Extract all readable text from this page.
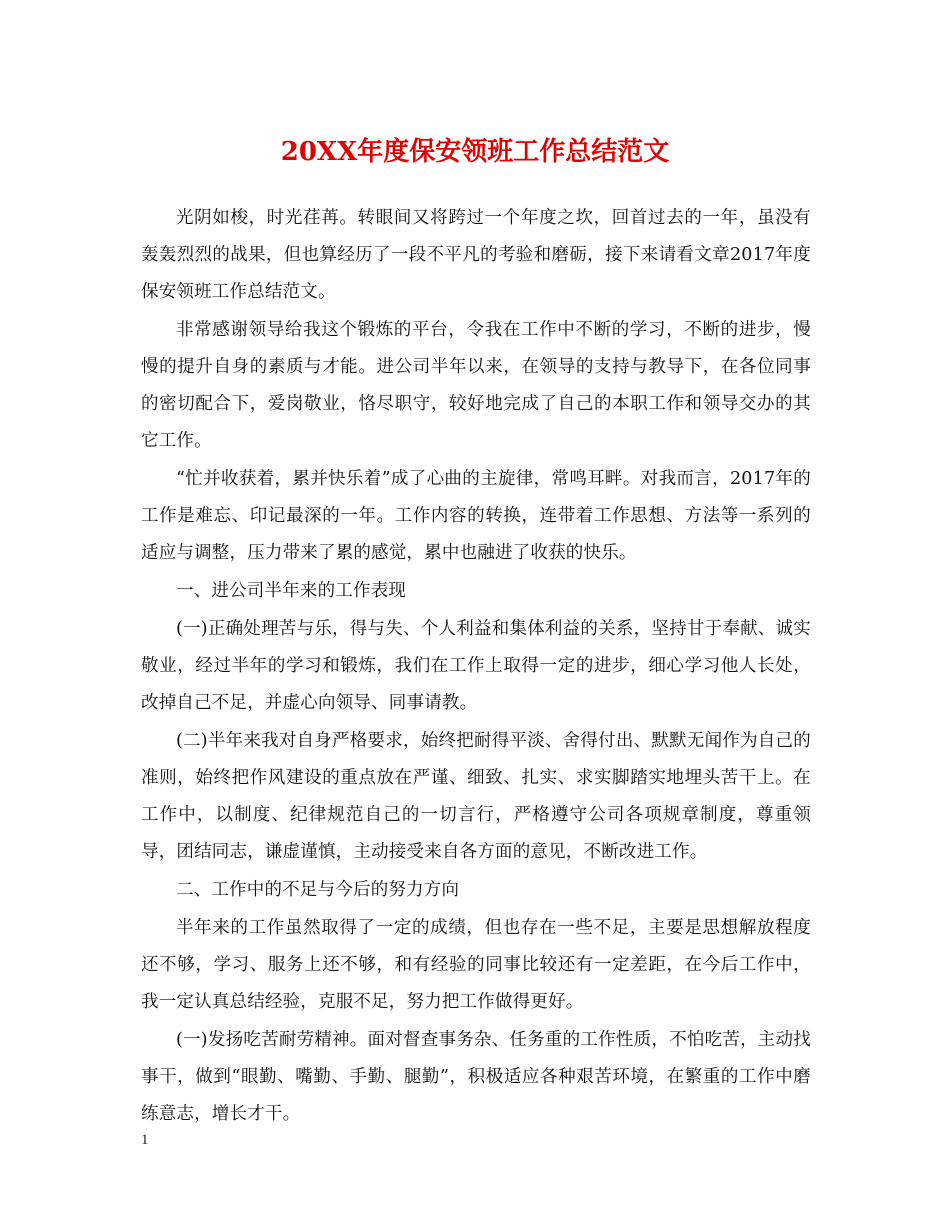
20XX年度保安领班工作总结范文

光阴如梭，时光荏苒。转眼间又将跨过一个年度之坎，回首过去的一年，虽没有轰轰烈烈的战果，但也算经历了一段不平凡的考验和磨砺，接下来请看文章2017年度保安领班工作总结范文。

非常感谢领导给我这个锻炼的平台，令我在工作中不断的学习，不断的进步，慢慢的提升自身的素质与才能。进公司半年以来，在领导的支持与教导下，在各位同事的密切配合下，爱岗敬业，恪尽职守，较好地完成了自己的本职工作和领导交办的其它工作。

“忙并收获着，累并快乐着”成了心曲的主旋律，常鸣耳畔。对我而言，2017年的工作是难忘、印记最深的一年。工作内容的转换，连带着工作思想、方法等一系列的适应与调整，压力带来了累的感觉，累中也融进了收获的快乐。

一、进公司半年来的工作表现

(一)正确处理苦与乐，得与失、个人利益和集体利益的关系，坚持甘于奉献、诚实敬业，经过半年的学习和锻炼，我们在工作上取得一定的进步，细心学习他人长处，改掉自己不足，并虚心向领导、同事请教。

(二)半年来我对自身严格要求，始终把耐得平淡、舍得付出、默默无闻作为自己的准则，始终把作风建设的重点放在严谨、细致、扎实、求实脚踏实地埋头苦干上。在工作中，以制度、纪律规范自己的一切言行，严格遵守公司各项规章制度，尊重领导，团结同志，谦虚谨慎，主动接受来自各方面的意见，不断改进工作。

二、工作中的不足与今后的努力方向

半年来的工作虽然取得了一定的成绩，但也存在一些不足，主要是思想解放程度还不够，学习、服务上还不够，和有经验的同事比较还有一定差距，在今后工作中，我一定认真总结经验，克服不足，努力把工作做得更好。

(一)发扬吃苦耐劳精神。面对督查事务杂、任务重的工作性质，不怕吃苦，主动找事干，做到“眼勤、嘴勤、手勤、腿勤”，积极适应各种艰苦环境，在繁重的工作中磨练意志，增长才干。

1
